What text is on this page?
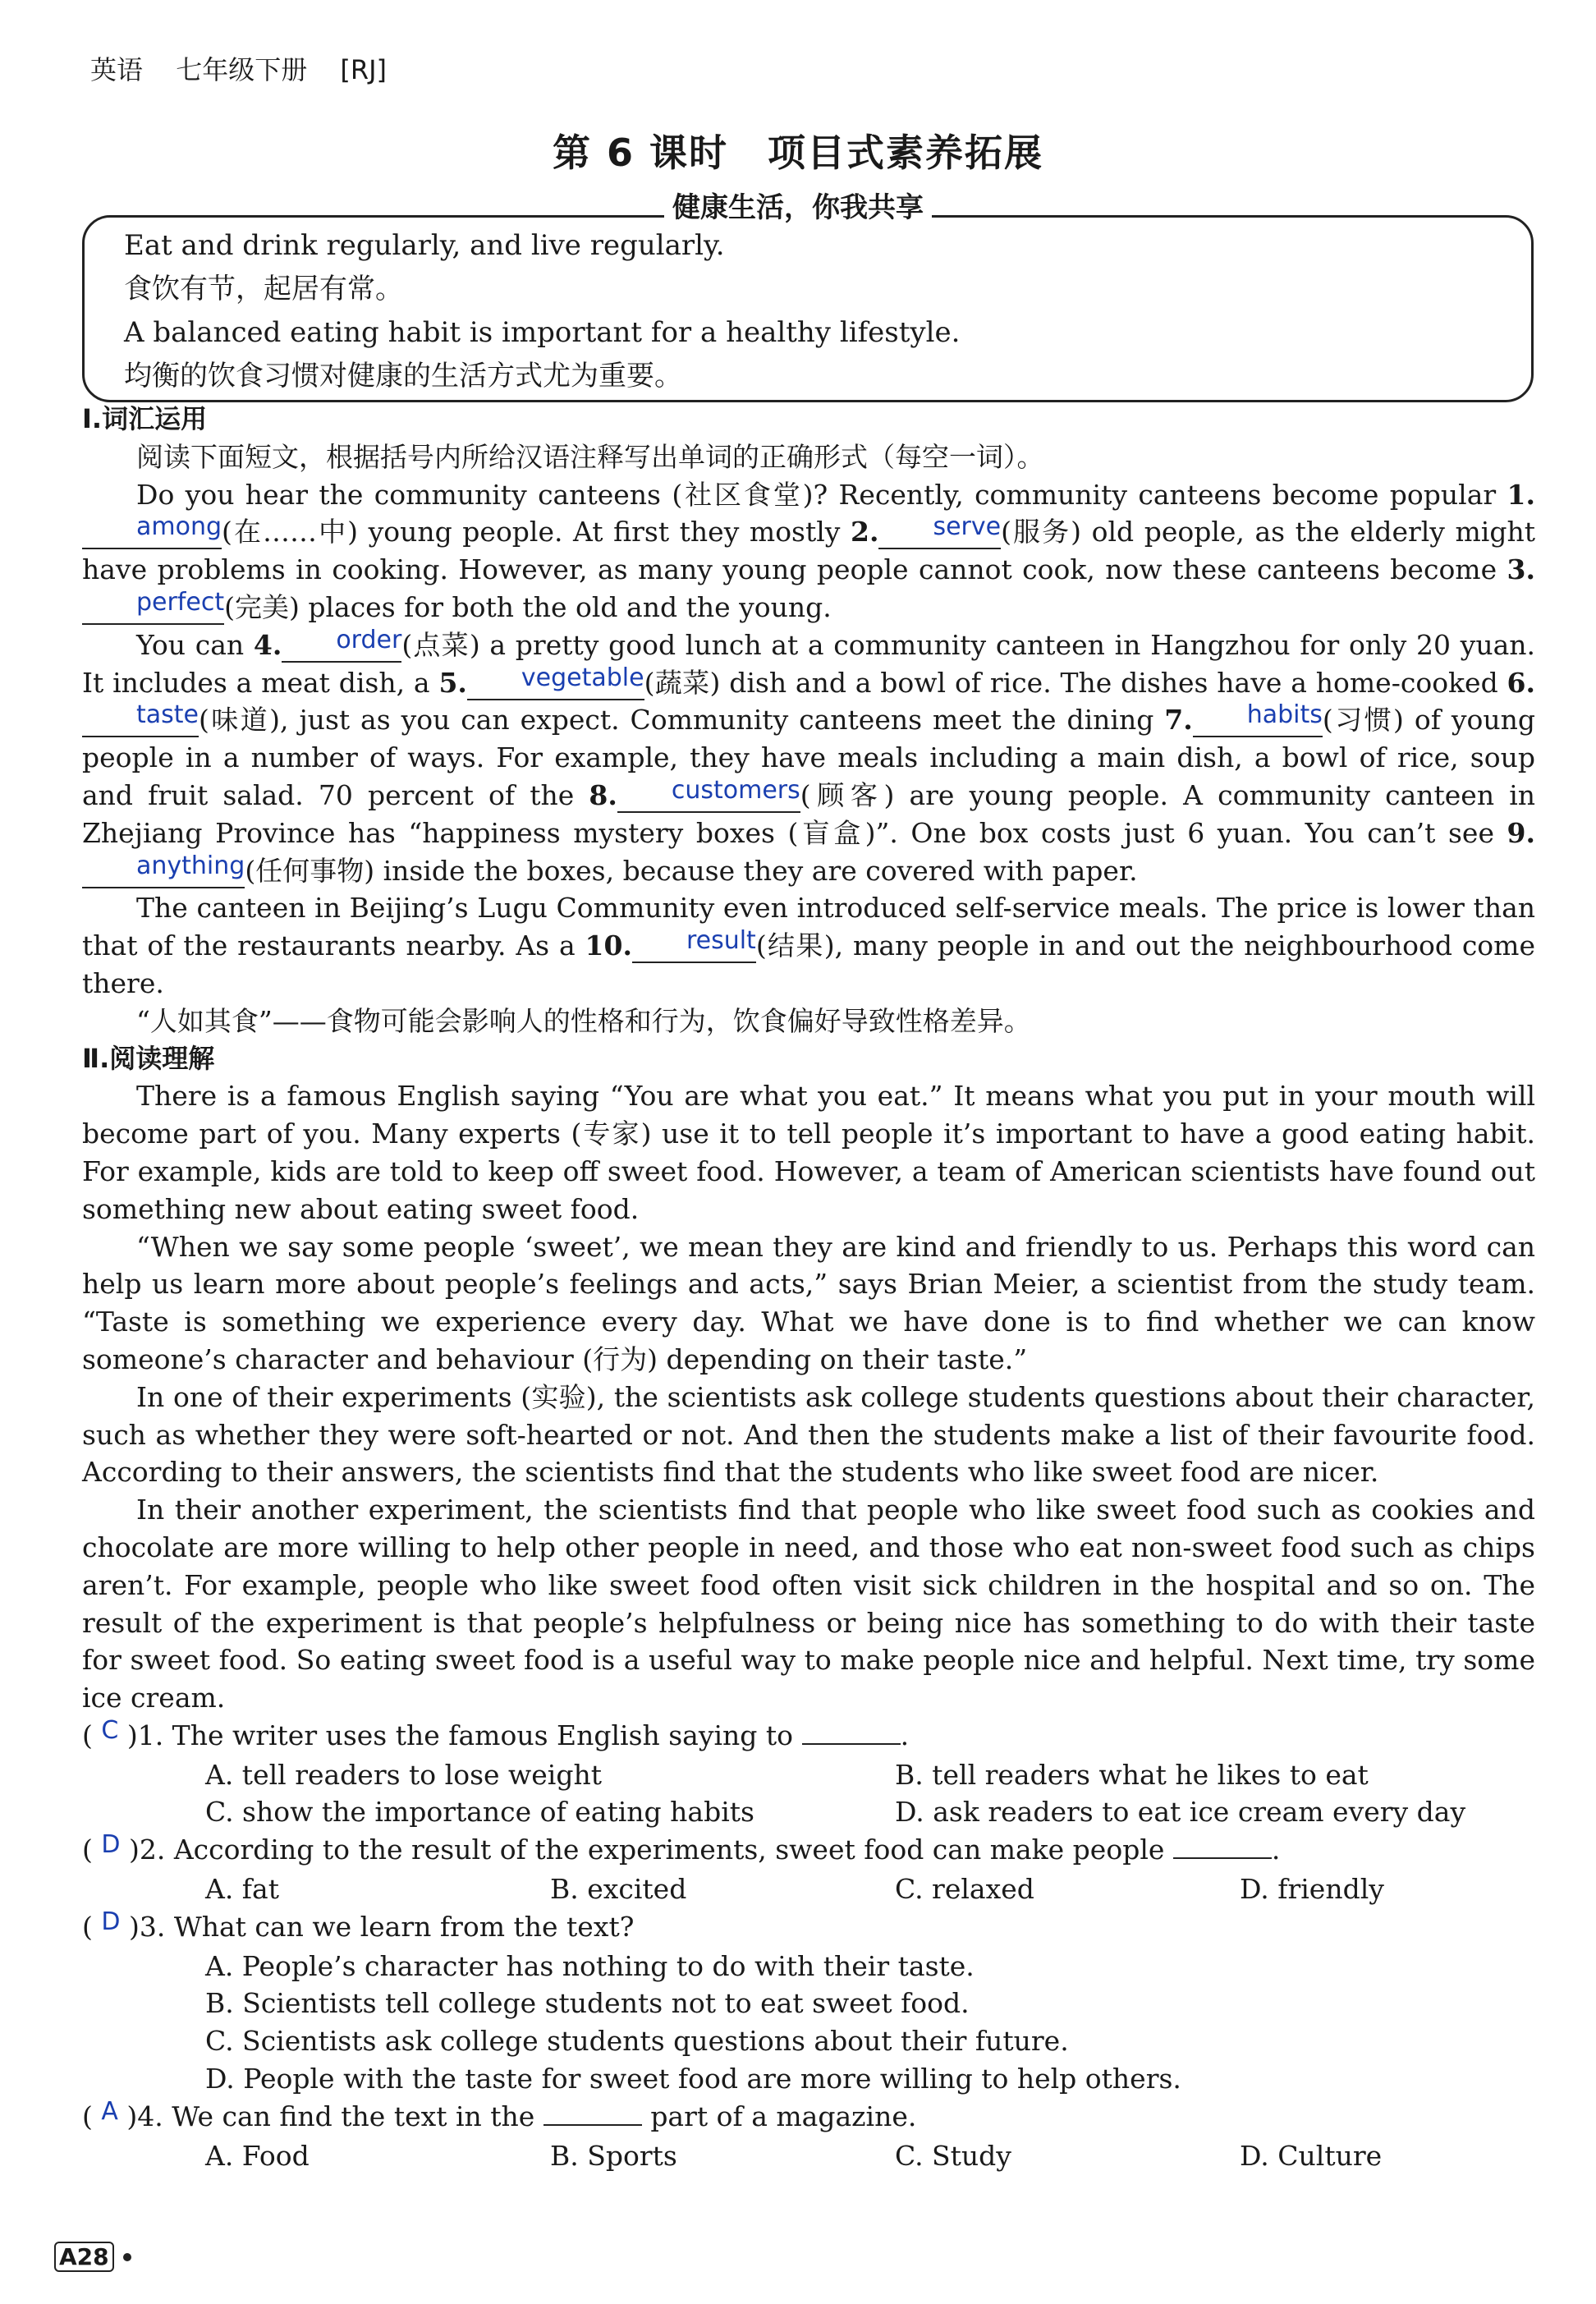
英语 七年级下册 [RJ]
第 6 课时　项目式素养拓展
Eat and drink regularly, and live regularly.
食饮有节，起居有常。
A balanced eating habit is important for a healthy lifestyle.
均衡的饮食习惯对健康的生活方式尤为重要。
健康生活，你我共享
Ⅰ.词汇运用

阅读下面短文，根据括号内所给汉语注释写出单词的正确形式（每空一词）。

Do you hear the community canteens (社区食堂)? Recently, community canteens become popular 1.among(在……中) young people. At first they mostly 2. serve(服务) old people, as the elderly might have problems in cooking. However, as many young people cannot cook, now these canteens become 3.perfect(完美) places for both the old and the young.

You can 4. order(点菜) a pretty good lunch at a community canteen in Hangzhou for only 20 yuan. It includes a meat dish, a 5. vegetable(蔬菜) dish and a bowl of rice. The dishes have a home-cooked 6.taste(味道), just as you can expect. Community canteens meet the dining 7. habits(习惯) of young people in a number of ways. For example, they have meals including a main dish, a bowl of rice, soup and fruit salad. 70 percent of the 8. customers(顾客) are young people. A community canteen in Zhejiang Province has “happiness mystery boxes (盲盒)”. One box costs just 6 yuan. You can’t see 9.anything(任何事物) inside the boxes, because they are covered with paper.

The canteen in Beijing’s Lugu Community even introduced self-service meals. The price is lower than that of the restaurants nearby. As a 10. result(结果), many people in and out the neighbourhood come there.

“人如其食”——食物可能会影响人的性格和行为，饮食偏好导致性格差异。

Ⅱ.阅读理解

There is a famous English saying “You are what you eat.” It means what you put in your mouth will become part of you. Many experts (专家) use it to tell people it’s important to have a good eating habit. For example, kids are told to keep off sweet food. However, a team of American scientists have found out something new about eating sweet food.

“When we say some people ‘sweet’, we mean they are kind and friendly to us. Perhaps this word can help us learn more about people’s feelings and acts,” says Brian Meier, a scientist from the study team. “Taste is something we experience every day. What we have done is to find whether we can know someone’s character and behaviour (行为) depending on their taste.”

In one of their experiments (实验), the scientists ask college students questions about their character, such as whether they were soft-hearted or not. And then the students make a list of their favourite food. According to their answers, the scientists find that the students who like sweet food are nicer.

In their another experiment, the scientists find that people who like sweet food such as cookies and chocolate are more willing to help other people in need, and those who eat non-sweet food such as chips aren’t. For example, people who like sweet food often visit sick children in the hospital and so on. The result of the experiment is that people’s helpfulness or being nice has something to do with their taste for sweet food. So eating sweet food is a useful way to make people nice and helpful. Next time, try some ice cream.

( C )1. The writer uses the famous English saying to	.
A. tell readers to lose weight	B. tell readers what he likes to eat
C. show the importance of eating habits	D. ask readers to eat ice cream every day
( D )2. According to the result of the experiments, sweet food can make people	.
A. fat	B. excited	C. relaxed	D. friendly
( D )3. What can we learn from the text?
A. People’s character has nothing to do with their taste.
B. Scientists tell college students not to eat sweet food.
C. Scientists ask college students questions about their future.
D. People with the taste for sweet food are more willing to help others.
( A )4. We can find the text in the	part of a magazine.
A. Food	B. Sports	C. Study	D. Culture
A28
